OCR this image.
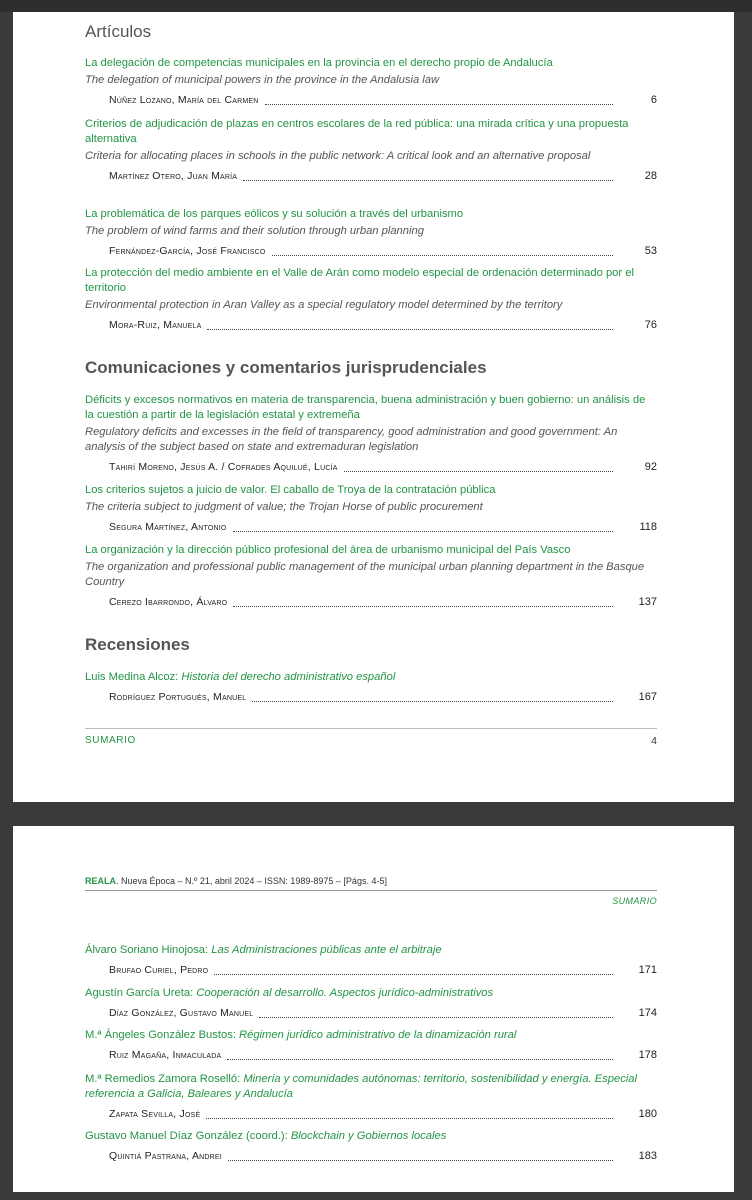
Artículos

La delegación de competencias municipales en la provincia en el derecho propio de Andalucía

The delegation of municipal powers in the province in the Andalusia law

Núñez Lozano, María del Carmen	6

Criterios de adjudicación de plazas en centros escolares de la red pública: una mirada crítica y una propuesta alternativa

Criteria for allocating places in schools in the public network: A critical look and an alternative proposal

Martínez Otero, Juan María	28

La problemática de los parques eólicos y su solución a través del urbanismo

The problem of wind farms and their solution through urban planning

Fernández-García, José Francisco	53

La protección del medio ambiente en el Valle de Arán como modelo especial de ordenación determinado por el territorio

Environmental protection in Aran Valley as a special regulatory model determined by the territory

Mora-Ruiz, Manuela	76
Comunicaciones y comentarios jurisprudenciales

Déficits y excesos normativos en materia de transparencia, buena administración y buen gobierno: un análisis de la cuestión a partir de la legislación estatal y extremeña

Regulatory deficits and excesses in the field of transparency, good administration and good government: An analysis of the subject based on state and extremaduran legislation

Tahirí Moreno, Jesús A. / Cofrades Aquilué, Lucía	92

Los criterios sujetos a juicio de valor. El caballo de Troya de la contratación pública

The criteria subject to judgment of value; the Trojan Horse of public procurement

Segura Martínez, Antonio	118

La organización y la dirección público profesional del área de urbanismo municipal del País Vasco

The organization and professional public management of the municipal urban planning department in the Basque Country

Cerezo Ibarrondo, Álvaro	137
Recensiones

Luis Medina Alcoz: Historia del derecho administrativo español

Rodríguez Portugués, Manuel	167
SUMARIO	4
REALA. Nueva Época – N.º 21, abril 2024 – ISSN: 1989-8975 – [Págs. 4-5]
SUMARIO

Álvaro Soriano Hinojosa: Las Administraciones públicas ante el arbitraje

Brufao Curiel, Pedro	171

Agustín García Ureta: Cooperación al desarrollo. Aspectos jurídico-administrativos

Díaz González, Gustavo Manuel	174

M.ª Ángeles González Bustos: Régimen jurídico administrativo de la dinamización rural

Ruiz Magaña, Inmaculada	178

M.ª Remedios Zamora Roselló: Minería y comunidades autónomas: territorio, sostenibilidad y energía. Especial referencia a Galicia, Baleares y Andalucía

Zapata Sevilla, José	180

Gustavo Manuel Díaz González (coord.): Blockchain y Gobiernos locales

Quintiá Pastrana, Andrei	183
